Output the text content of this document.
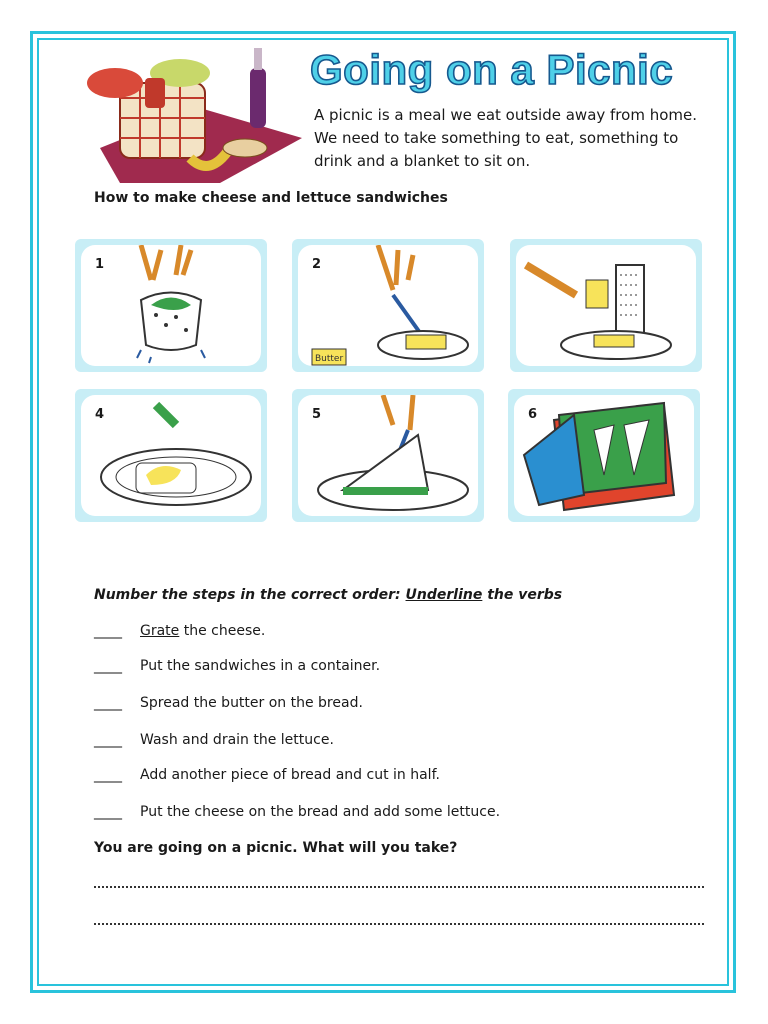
Going on a Picnic

A picnic is a meal we eat outside away from home.

We need to take something to eat, something to

drink and a blanket to sit on.

How to make cheese and lettuce sandwiches
1
Butter
2
4	5	6
Number the steps in the correct order: Underline the verbs
____ Grate the cheese.
____ Put the sandwiches in a container.
____ Spread the butter on the bread.
____ Wash and drain the lettuce.
____ Add another piece of bread and cut in half.
____ Put the cheese on the bread and add some lettuce.
You are going on a picnic. What will you take?
